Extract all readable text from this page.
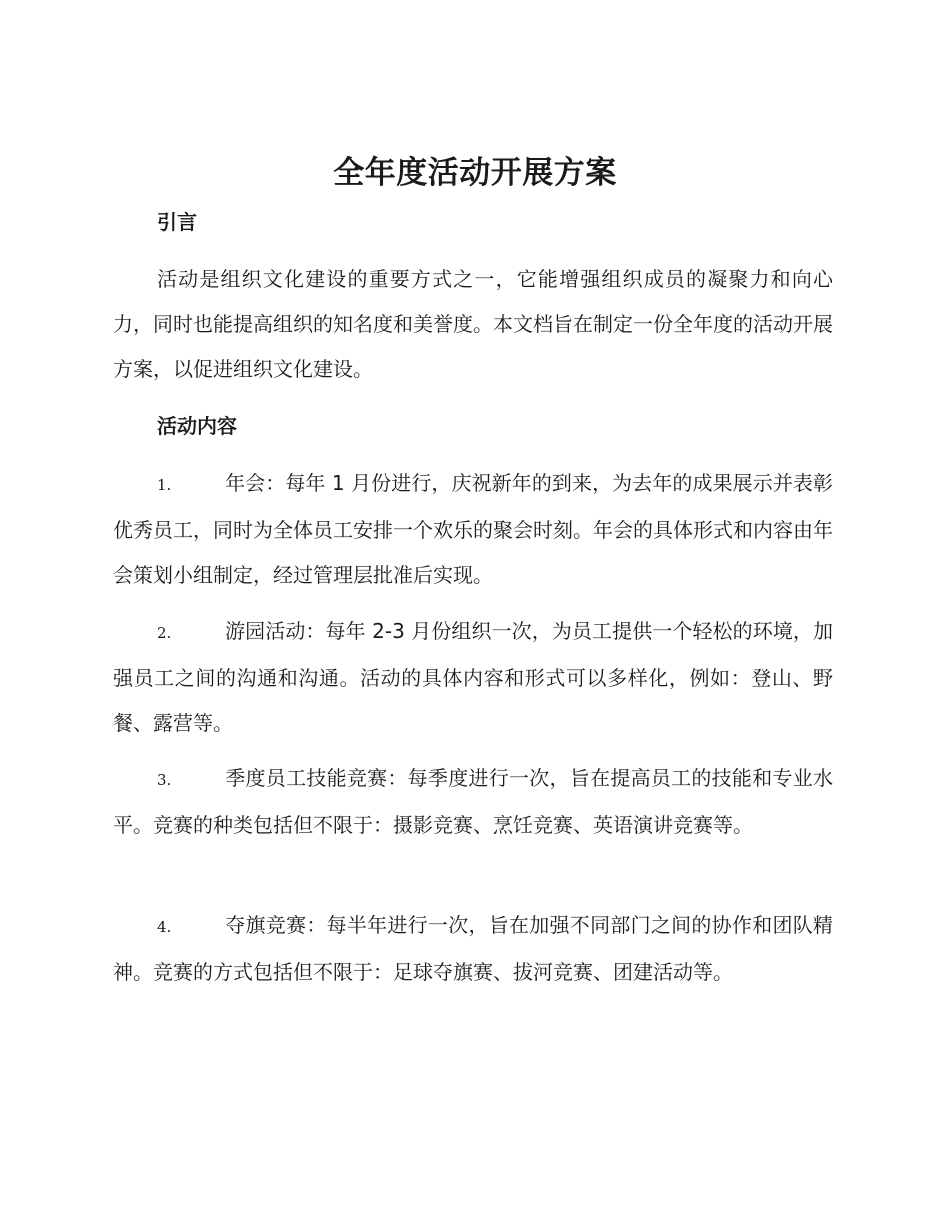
全年度活动开展方案
引言

活动是组织文化建设的重要方式之一，它能增强组织成员的凝聚力和向心力，同时也能提高组织的知名度和美誉度。本文档旨在制定一份全年度的活动开展方案，以促进组织文化建设。

活动内容

1.	年会：每年 1 月份进行，庆祝新年的到来，为去年的成果展示并表彰优秀员工，同时为全体员工安排一个欢乐的聚会时刻。年会的具体形式和内容由年会策划小组制定，经过管理层批准后实现。

2.	游园活动：每年 2-3 月份组织一次，为员工提供一个轻松的环境，加强员工之间的沟通和沟通。活动的具体内容和形式可以多样化，例如：登山、野餐、露营等。

3.	季度员工技能竞赛：每季度进行一次，旨在提高员工的技能和专业水平。竞赛的种类包括但不限于：摄影竞赛、烹饪竞赛、英语演讲竞赛等。

4.	夺旗竞赛：每半年进行一次，旨在加强不同部门之间的协作和团队精神。竞赛的方式包括但不限于：足球夺旗赛、拔河竞赛、团建活动等。
